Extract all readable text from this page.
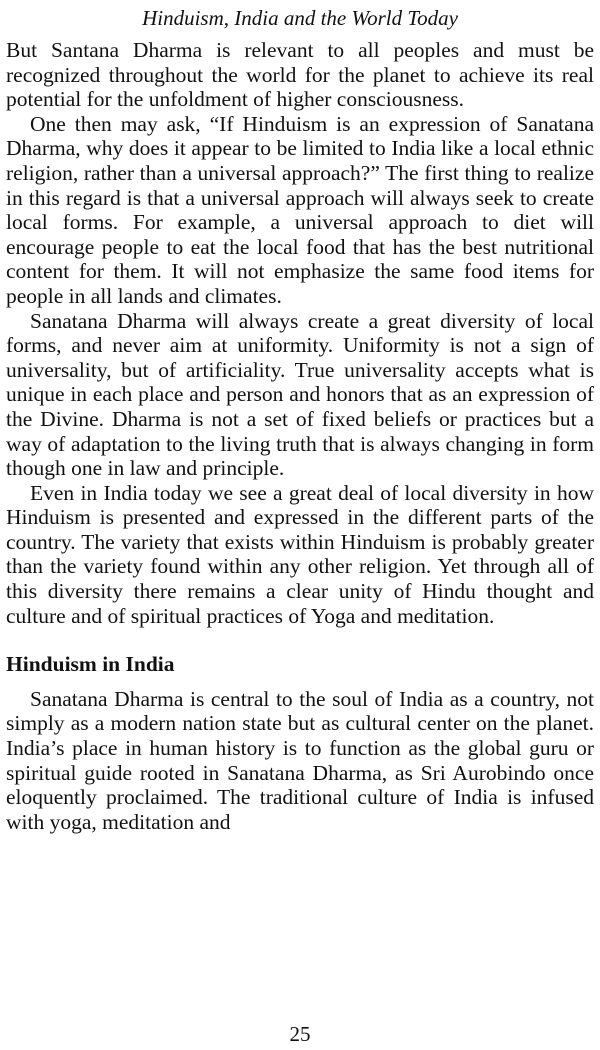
Hinduism, India and the World Today

But Santana Dharma is relevant to all peoples and must be recognized throughout the world for the planet to achieve its real potential for the unfoldment of higher consciousness.

One then may ask, “If Hinduism is an expression of Sanatana Dharma, why does it appear to be limited to India like a local ethnic religion, rather than a universal approach?” The first thing to realize in this regard is that a universal approach will always seek to create local forms. For example, a universal approach to diet will encourage people to eat the local food that has the best nutritional content for them. It will not emphasize the same food items for people in all lands and climates.

Sanatana Dharma will always create a great diversity of local forms, and never aim at uniformity. Uniformity is not a sign of universality, but of artificiality. True universality accepts what is unique in each place and person and honors that as an expression of the Divine. Dharma is not a set of fixed beliefs or practices but a way of adaptation to the living truth that is always changing in form though one in law and principle.

Even in India today we see a great deal of local diversity in how Hinduism is presented and expressed in the different parts of the country. The variety that exists within Hinduism is probably greater than the variety found within any other religion. Yet through all of this diversity there remains a clear unity of Hindu thought and culture and of spiritual practices of Yoga and meditation.

Hinduism in India

Sanatana Dharma is central to the soul of India as a country, not simply as a modern nation state but as cultural center on the planet. India’s place in human history is to function as the global guru or spiritual guide rooted in Sanatana Dharma, as Sri Aurobindo once eloquently proclaimed. The traditional culture of India is infused with yoga, meditation and

25
